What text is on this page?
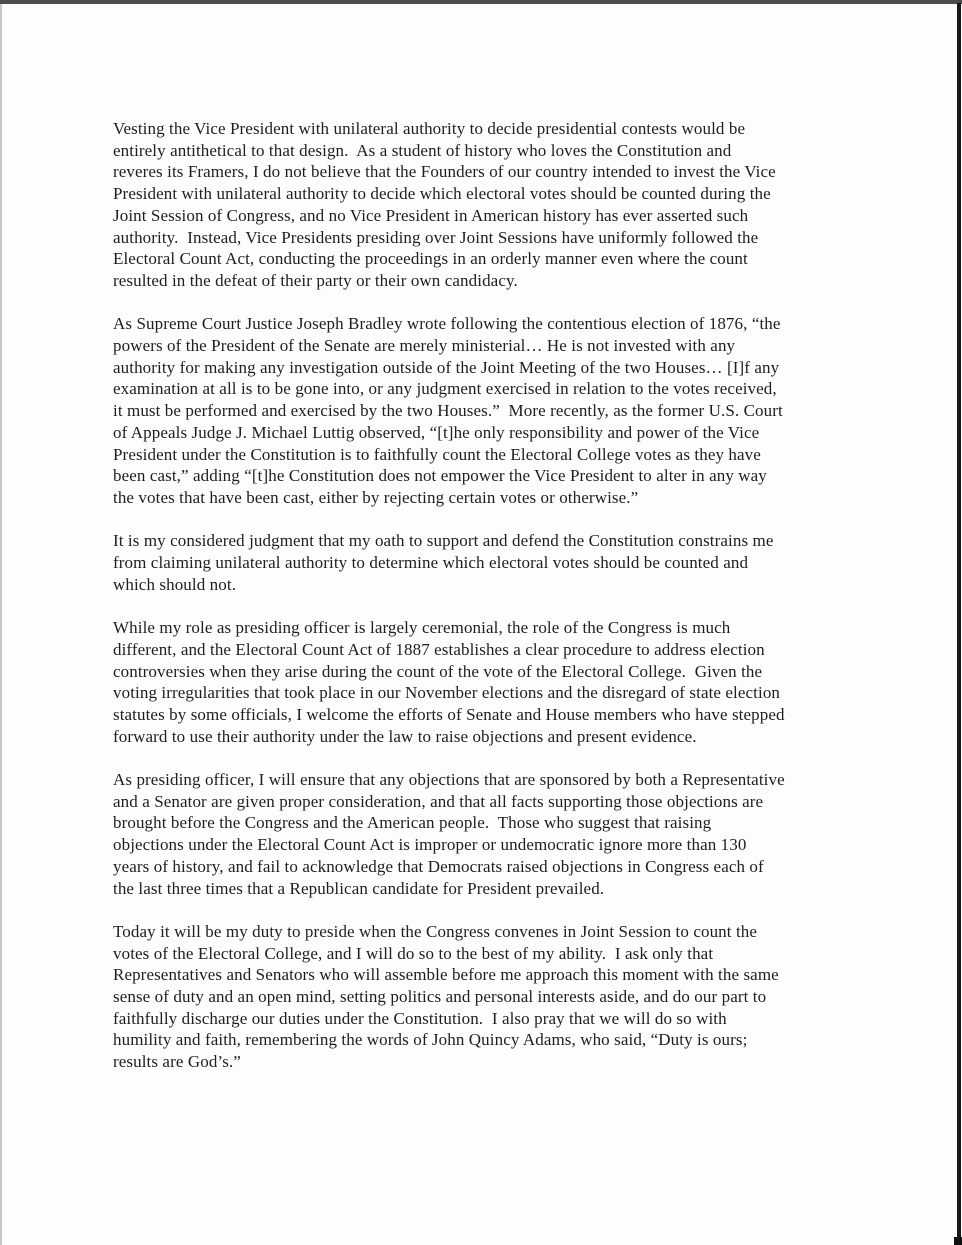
Vesting the Vice President with unilateral authority to decide presidential contests would be
entirely antithetical to that design.  As a student of history who loves the Constitution and
reveres its Framers, I do not believe that the Founders of our country intended to invest the Vice
President with unilateral authority to decide which electoral votes should be counted during the
Joint Session of Congress, and no Vice President in American history has ever asserted such
authority.  Instead, Vice Presidents presiding over Joint Sessions have uniformly followed the
Electoral Count Act, conducting the proceedings in an orderly manner even where the count
resulted in the defeat of their party or their own candidacy.
As Supreme Court Justice Joseph Bradley wrote following the contentious election of 1876, “the
powers of the President of the Senate are merely ministerial… He is not invested with any
authority for making any investigation outside of the Joint Meeting of the two Houses… [I]f any
examination at all is to be gone into, or any judgment exercised in relation to the votes received,
it must be performed and exercised by the two Houses.”  More recently, as the former U.S. Court
of Appeals Judge J. Michael Luttig observed, “[t]he only responsibility and power of the Vice
President under the Constitution is to faithfully count the Electoral College votes as they have
been cast,” adding “[t]he Constitution does not empower the Vice President to alter in any way
the votes that have been cast, either by rejecting certain votes or otherwise.”
It is my considered judgment that my oath to support and defend the Constitution constrains me
from claiming unilateral authority to determine which electoral votes should be counted and
which should not.
While my role as presiding officer is largely ceremonial, the role of the Congress is much
different, and the Electoral Count Act of 1887 establishes a clear procedure to address election
controversies when they arise during the count of the vote of the Electoral College.  Given the
voting irregularities that took place in our November elections and the disregard of state election
statutes by some officials, I welcome the efforts of Senate and House members who have stepped
forward to use their authority under the law to raise objections and present evidence.
As presiding officer, I will ensure that any objections that are sponsored by both a Representative
and a Senator are given proper consideration, and that all facts supporting those objections are
brought before the Congress and the American people.  Those who suggest that raising
objections under the Electoral Count Act is improper or undemocratic ignore more than 130
years of history, and fail to acknowledge that Democrats raised objections in Congress each of
the last three times that a Republican candidate for President prevailed.
Today it will be my duty to preside when the Congress convenes in Joint Session to count the
votes of the Electoral College, and I will do so to the best of my ability.  I ask only that
Representatives and Senators who will assemble before me approach this moment with the same
sense of duty and an open mind, setting politics and personal interests aside, and do our part to
faithfully discharge our duties under the Constitution.  I also pray that we will do so with
humility and faith, remembering the words of John Quincy Adams, who said, “Duty is ours;
results are God’s.”
